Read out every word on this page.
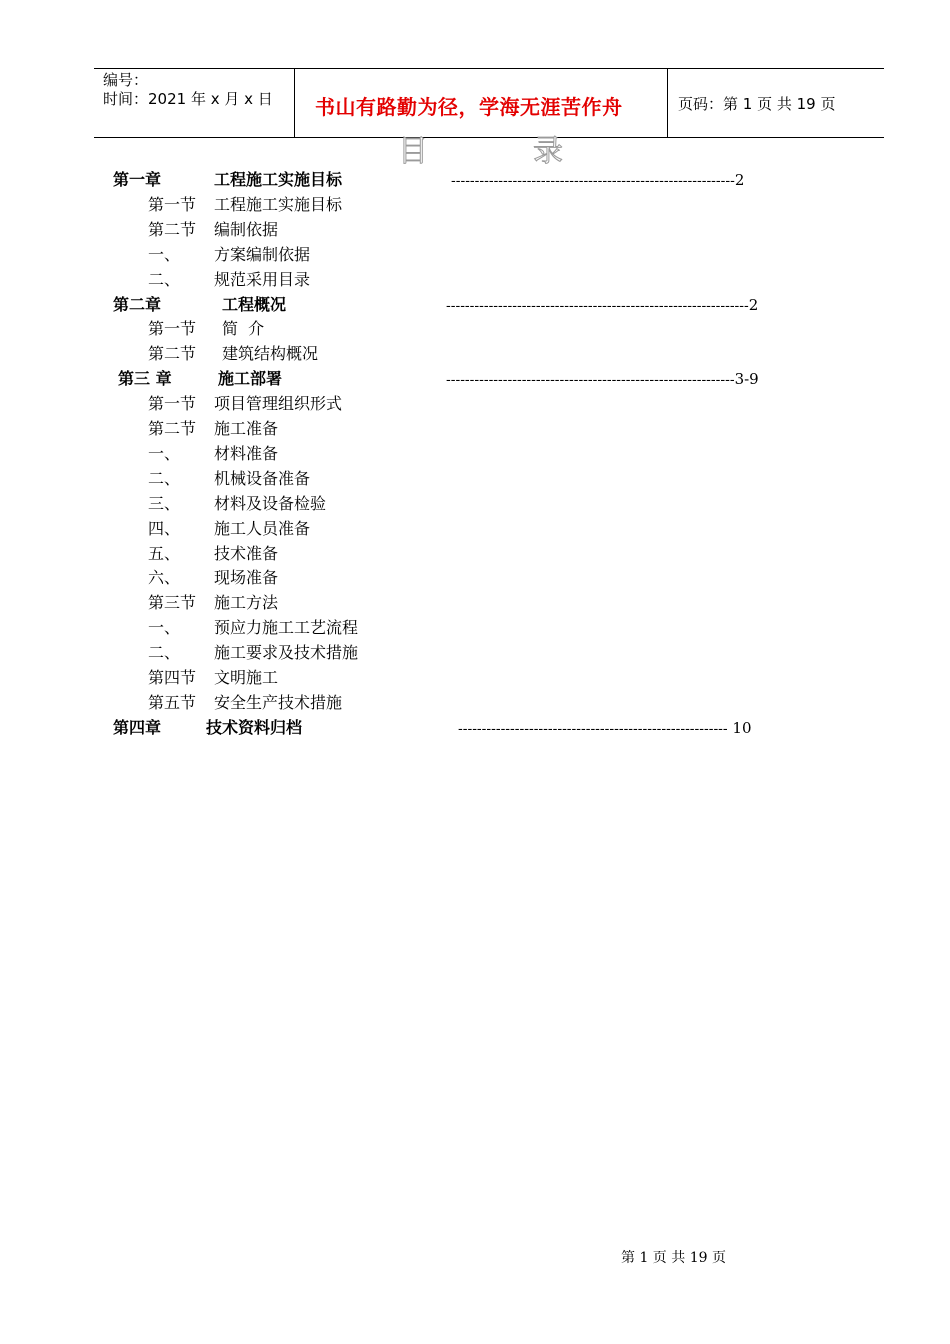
编号：
时间：2021 年 x 月 x 日	书山有路勤为径，学海无涯苦作舟	页码：第 1 页 共 19 页
目	录
第一章	工程施工实施目标	------------------------------------------------------------2
第一节 工程施工实施目标
第二节 编制依据
一、 方案编制依据
二、 规范采用目录
第二章	工程概况	----------------------------------------------------------------2
第一节 简  介
第二节 建筑结构概况
第三 章	施工部署	-------------------------------------------------------------3-9
第一节 项目管理组织形式
第二节 施工准备
一、 材料准备
二、 机械设备准备
三、 材料及设备检验
四、 施工人员准备
五、 技术准备
六、 现场准备
第三节 施工方法
一、 预应力施工工艺流程
二、 施工要求及技术措施
第四节 文明施工
第五节 安全生产技术措施
第四章	技术资料归档	--------------------------------------------------------- 10
第 1 页 共 19 页
